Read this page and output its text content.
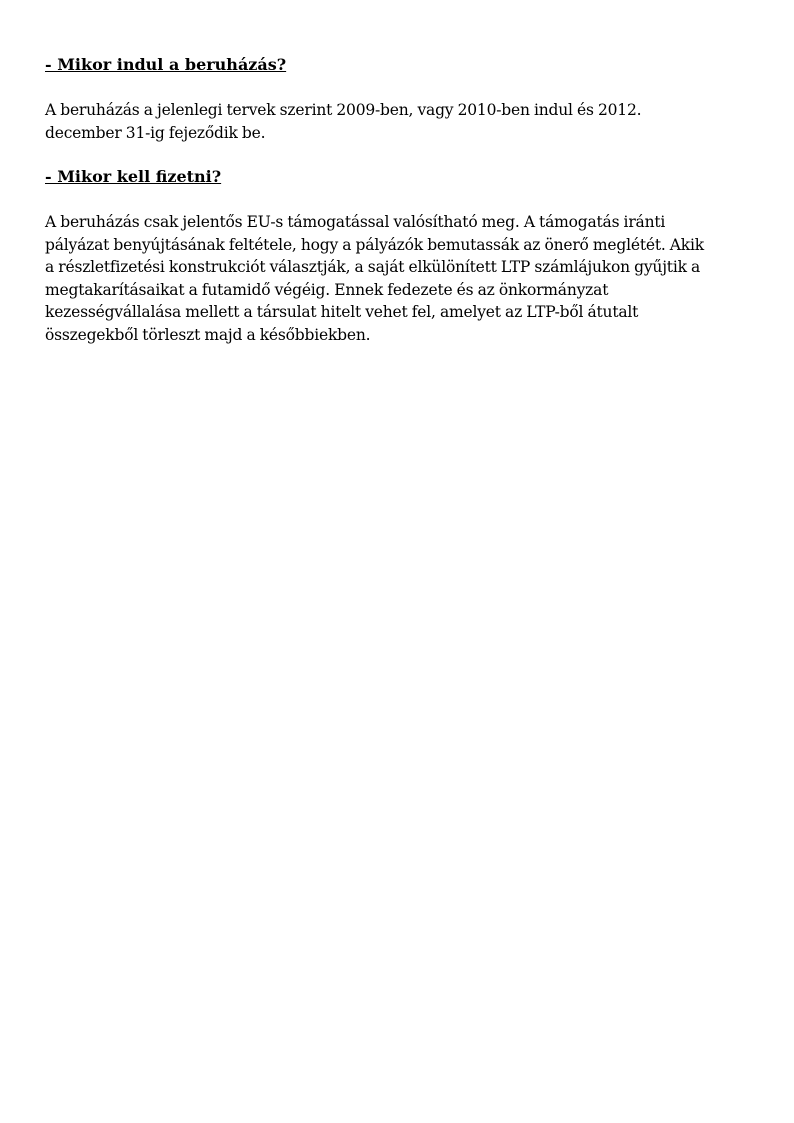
- Mikor indul a beruházás?

A beruházás a jelenlegi tervek szerint 2009-ben, vagy 2010-ben indul és 2012.
december 31-ig fejeződik be.

- Mikor kell fizetni?

A beruházás csak jelentős EU-s támogatással valósítható meg. A támogatás iránti
pályázat benyújtásának feltétele, hogy a pályázók bemutassák az önerő meglétét. Akik
a részletfizetési konstrukciót választják, a saját elkülönített LTP számlájukon gyűjtik a
megtakarításaikat a futamidő végéig. Ennek fedezete és az önkormányzat
kezességvállalása mellett a társulat hitelt vehet fel, amelyet az LTP-ből átutalt
összegekből törleszt majd a későbbiekben.
